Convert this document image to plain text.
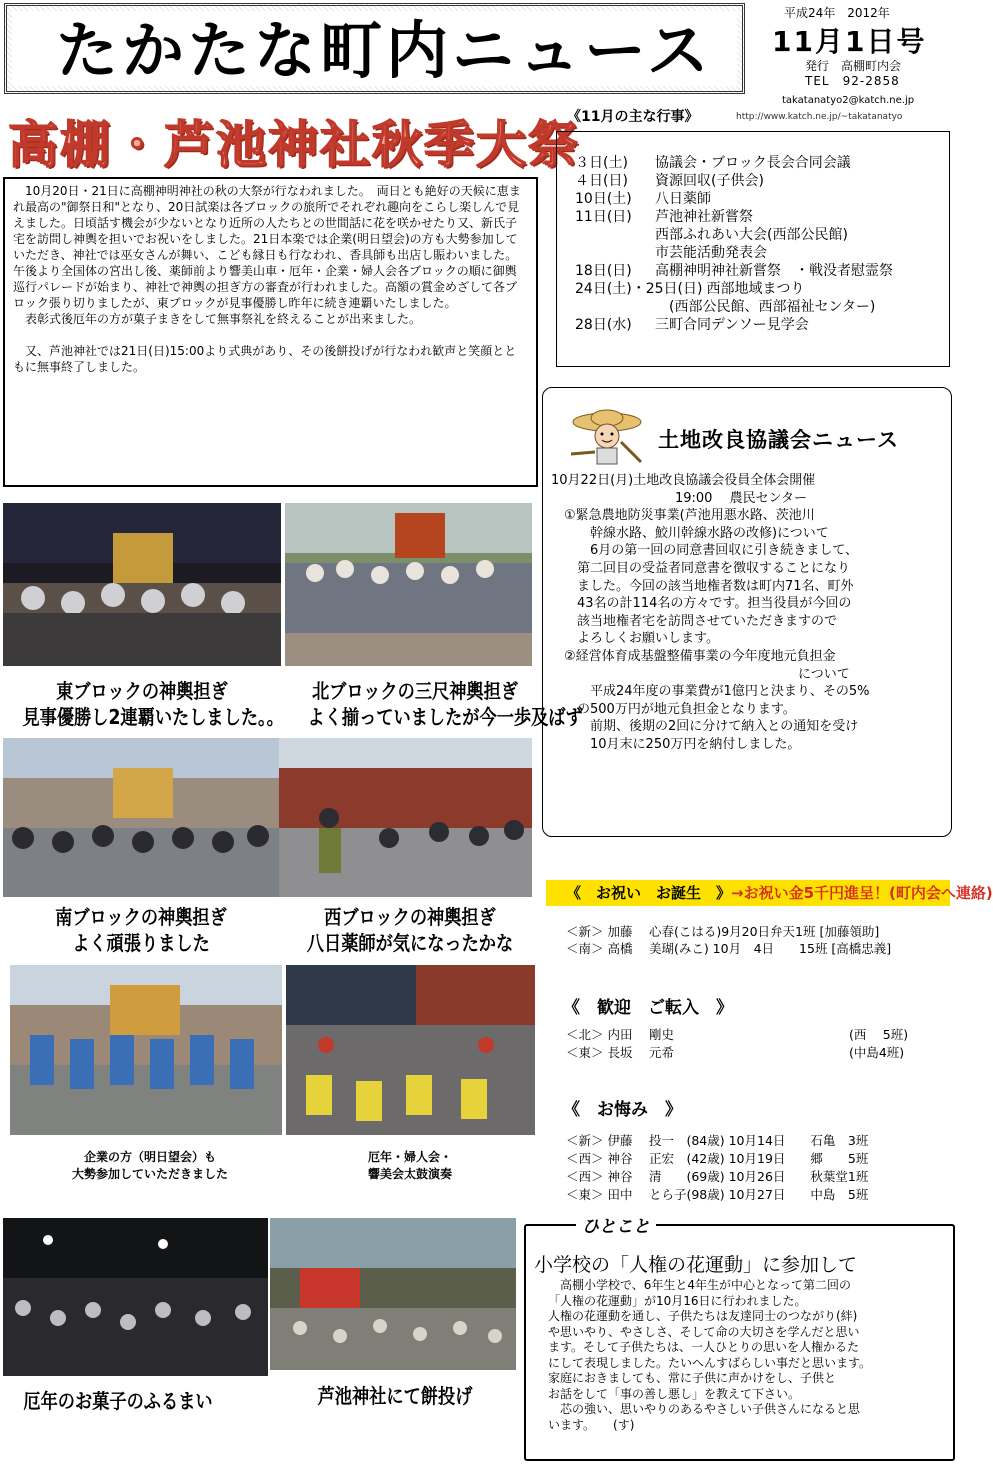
たかたな町内ニュース
平成24年　2012年
11月1日号
発行　高棚町内会
TEL　92-2858
takatanatyo2@katch.ne.jp
http://www.katch.ne.jp/~takatanatyo
高棚・芦池神社秋季大祭

　10月20日・21日に高棚神明神社の秋の大祭が行なわれました。　両日とも絶好の天候に恵まれ最高の"御祭日和"となり、20日試楽は各ブロックの旅所でそれぞれ趣向をこらし楽しんで見えました。日頃話す機会が少ないとなり近所の人たちとの世間話に花を咲かせたり又、新氏子宅を訪問し神輿を担いでお祝いをしました。21日本楽では企業(明日望会)の方も大勢参加していただき、神社では巫女さんが舞い、こども縁日も行なわれ、香具師も出店し賑わいました。午後より全国体の宮出し後、薬師前より響美山車・厄年・企業・婦人会各ブロックの順に御輿巡行パレードが始まり、神社で神輿の担ぎ方の審査が行われました。高額の賞金めざして各ブロック張り切りましたが、東ブロックが見事優勝し昨年に続き連覇いたしました。

　表彰式後厄年の方が菓子まきをして無事祭礼を終えることが出来ました。

　又、芦池神社では21日(日)15:00より式典があり、その後餅投げが行なわれ歓声と笑顔とともに無事終了しました。

《11月の主な行事》
３日(土)	協議会・ブロック長会合同会議
４日(日)	資源回収(子供会)
10日(土)	八日薬師
11日(日)	芦池神社新嘗祭
西部ふれあい大会(西部公民館)
市芸能活動発表会
18日(日)	高棚神明神社新嘗祭　・戦没者慰霊祭
24日(土)・25日(日) 西部地域まつり
　(西部公民館、西部福祉センター)
28日(水)	三町合同デンソー見学会
土地改良協議会ニュース
10月22日(月)土地改良協議会役員全体会開催
19:00　 農民センター
　①緊急農地防災事業(芦池用悪水路、茨池川
　　　幹線水路、鮫川幹線水路の改修)について
　　　6月の第一回の同意書回収に引き続きまして、
　　第二回目の受益者同意書を徴収することになり
　　ました。今回の該当地権者数は町内71名、町外
　　43名の計114名の方々です。担当役員が今回の
　　該当地権者宅を訪問させていただきますので
　　よろしくお願いします。
　②経営体育成基盤整備事業の今年度地元負担金
　　　　　　　　　　　　　　　　　　　について
　　　平成24年度の事業費が1億円と決まり、その5%
　　の500万円が地元負担金となります。
　　　前期、後期の2回に分けて納入との通知を受け
　　　10月末に250万円を納付しました。
東ブロックの神輿担ぎ
見事優勝し2連覇いたしました。。
北ブロックの三尺神輿担ぎ
よく揃っていましたが今一歩及ばず
南ブロックの神輿担ぎ
よく頑張りました
西ブロックの神輿担ぎ
八日薬師が気になったかな
企業の方（明日望会）も
大勢参加していただきました
厄年・婦人会・
響美会太鼓演奏
厄年のお菓子のふるまい	芦池神社にて餅投げ
《　お祝い　お誕生　》→お祝い金5千円進呈！(町内会へ連絡)
＜新＞ 加藤　 心春(こはる)9月20日弁天1班 [加藤領助]
＜南＞ 高橋　 美瑚(みこ) 10月　4日　　15班 [高橋忠義]
《　歓迎　ご転入　》
＜北＞ 内田　 剛史　　　　　　　　　　　　　　(西　 5班)
＜東＞ 長坂　 元希　　　　　　　　　　　　　　(中島4班)
《　お悔み　》
＜新＞ 伊藤　 投一　(84歳) 10月14日　　石亀　3班
＜西＞ 神谷　 正宏　(42歳) 10月19日　　郷　　5班
＜西＞ 神谷　 清　　(69歳) 10月26日　　秋葉堂1班
＜東＞ 田中　 とら子(98歳) 10月27日　　中島　5班
ひとこと
小学校の「人権の花運動」に参加して
　高棚小学校で、6年生と4年生が中心となって第二回の
「人権の花運動」が10月16日に行われました。
人権の花運動を通し、子供たちは友達同士のつながり(絆)
や思いやり、やさしさ、そして命の大切さを学んだと思い
ます。そして子供たちは、一人ひとりの思いを人権かるた
にして表現しました。たいへんすばらしい事だと思います。
家庭におきましても、常に子供に声かけをし、子供と
お話をして「事の善し悪し」を教えて下さい。
　芯の強い、思いやりのあるやさしい子供さんになると思
います。　　(す)
